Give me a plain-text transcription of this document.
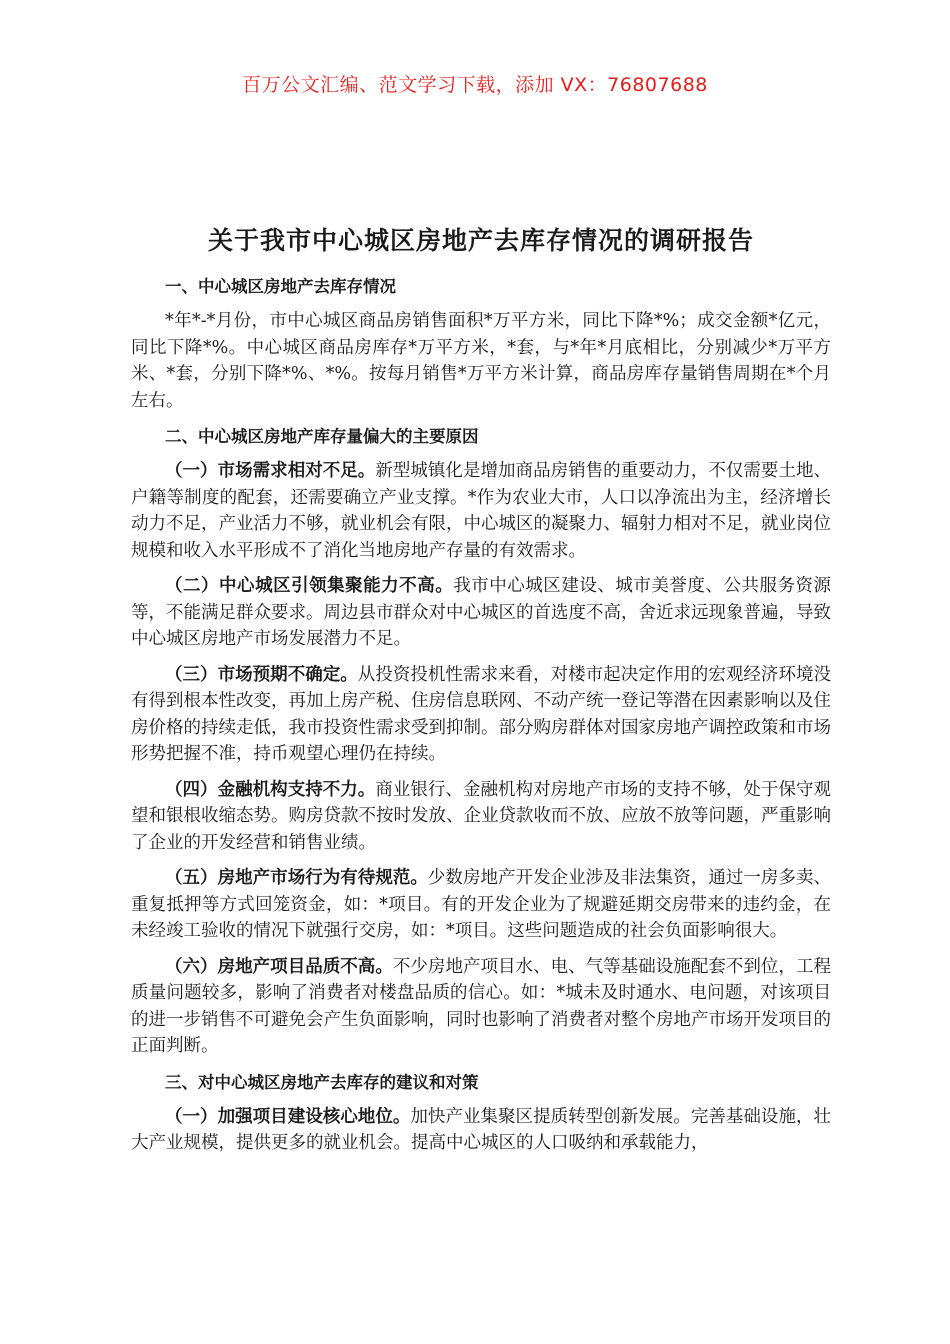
百万公文汇编、范文学习下载，添加 VX：76807688
关于我市中心城区房地产去库存情况的调研报告
一、中心城区房地产去库存情况

*年*-*月份，市中心城区商品房销售面积*万平方米，同比下降*%；成交金额*亿元，同比下降*%。中心城区商品房库存*万平方米，*套，与*年*月底相比，分别减少*万平方米、*套，分别下降*%、*%。按每月销售*万平方米计算，商品房库存量销售周期在*个月左右。

二、中心城区房地产库存量偏大的主要原因

（一）市场需求相对不足。新型城镇化是增加商品房销售的重要动力，不仅需要土地、户籍等制度的配套，还需要确立产业支撑。*作为农业大市，人口以净流出为主，经济增长动力不足，产业活力不够，就业机会有限，中心城区的凝聚力、辐射力相对不足，就业岗位规模和收入水平形成不了消化当地房地产存量的有效需求。

（二）中心城区引领集聚能力不高。我市中心城区建设、城市美誉度、公共服务资源等，不能满足群众要求。周边县市群众对中心城区的首选度不高，舍近求远现象普遍，导致中心城区房地产市场发展潜力不足。

（三）市场预期不确定。从投资投机性需求来看，对楼市起决定作用的宏观经济环境没有得到根本性改变，再加上房产税、住房信息联网、不动产统一登记等潜在因素影响以及住房价格的持续走低，我市投资性需求受到抑制。部分购房群体对国家房地产调控政策和市场形势把握不准，持币观望心理仍在持续。

（四）金融机构支持不力。商业银行、金融机构对房地产市场的支持不够，处于保守观望和银根收缩态势。购房贷款不按时发放、企业贷款收而不放、应放不放等问题，严重影响了企业的开发经营和销售业绩。

（五）房地产市场行为有待规范。少数房地产开发企业涉及非法集资，通过一房多卖、重复抵押等方式回笼资金，如：*项目。有的开发企业为了规避延期交房带来的违约金，在未经竣工验收的情况下就强行交房，如：*项目。这些问题造成的社会负面影响很大。

（六）房地产项目品质不高。不少房地产项目水、电、气等基础设施配套不到位，工程质量问题较多，影响了消费者对楼盘品质的信心。如：*城未及时通水、电问题，对该项目的进一步销售不可避免会产生负面影响，同时也影响了消费者对整个房地产市场开发项目的正面判断。

三、对中心城区房地产去库存的建议和对策

（一）加强项目建设核心地位。加快产业集聚区提质转型创新发展。完善基础设施，壮大产业规模，提供更多的就业机会。提高中心城区的人口吸纳和承载能力，
